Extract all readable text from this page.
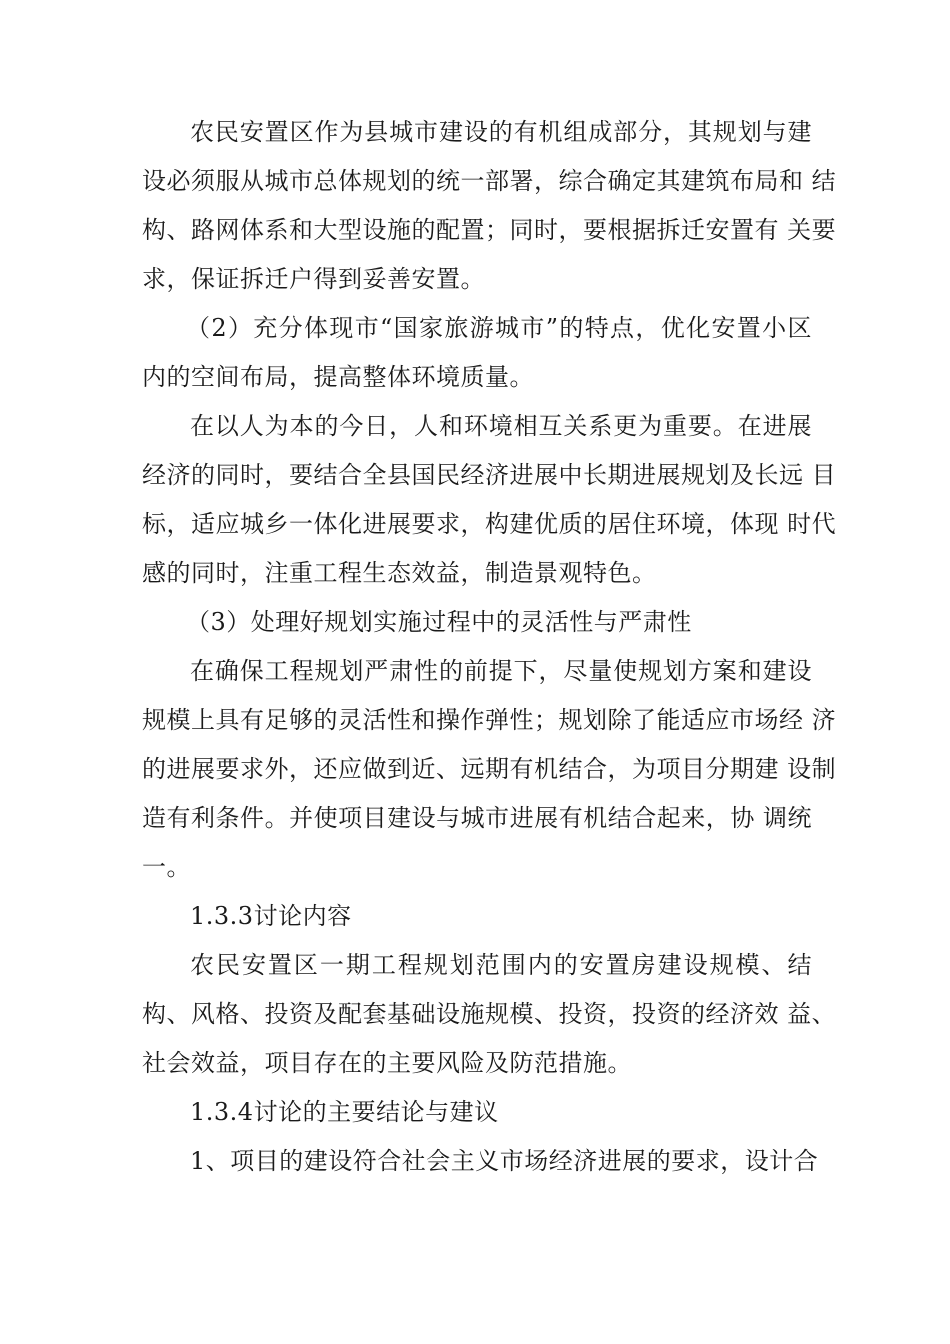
农民安置区作为县城市建设的有机组成部分，其规划与建
设必须服从城市总体规划的统一部署，综合确定其建筑布局和 结
构、路网体系和大型设施的配置；同时，要根据拆迁安置有 关要
求，保证拆迁户得到妥善安置。
（2）充分体现市“国家旅游城市”的特点，优化安置小区
内的空间布局，提高整体环境质量。
在以人为本的今日，人和环境相互关系更为重要。在进展
经济的同时，要结合全县国民经济进展中长期进展规划及长远 目
标，适应城乡一体化进展要求，构建优质的居住环境，体现 时代
感的同时，注重工程生态效益，制造景观特色。
（3）处理好规划实施过程中的灵活性与严肃性
在确保工程规划严肃性的前提下，尽量使规划方案和建设
规模上具有足够的灵活性和操作弹性；规划除了能适应市场经 济
的进展要求外，还应做到近、远期有机结合，为项目分期建 设制
造有利条件。并使项目建设与城市进展有机结合起来，协 调统
一。
1.3.3讨论内容
农民安置区一期工程规划范围内的安置房建设规模、结
构、风格、投资及配套基础设施规模、投资，投资的经济效 益、
社会效益，项目存在的主要风险及防范措施。
1.3.4讨论的主要结论与建议
1、项目的建设符合社会主义市场经济进展的要求，设计合
